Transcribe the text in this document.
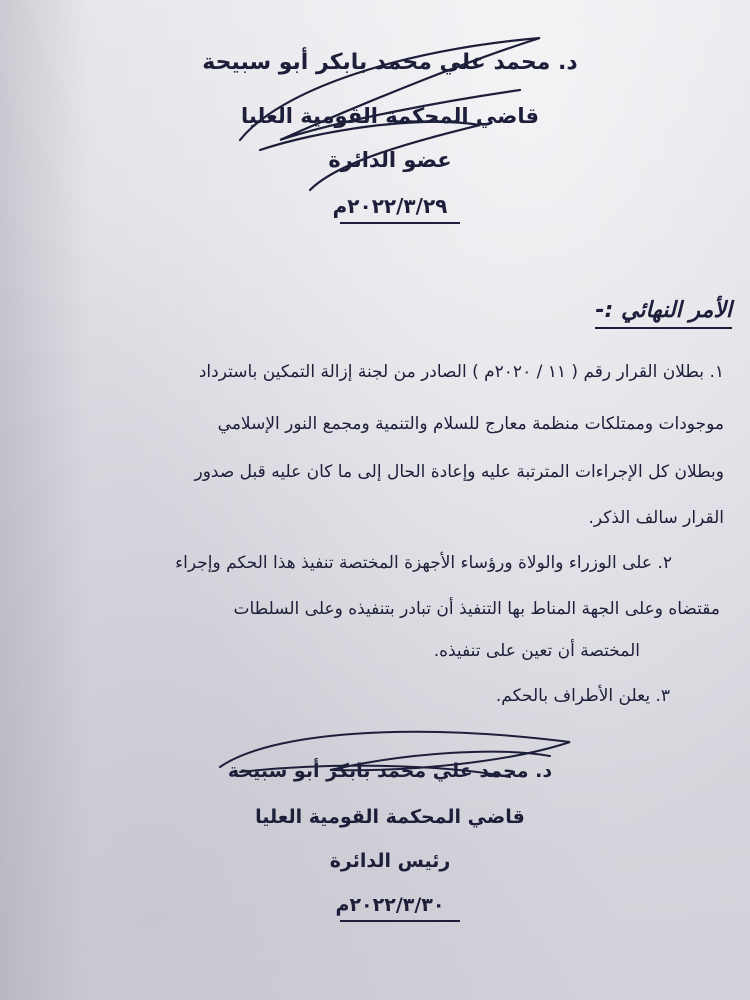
د. محمد علي محمد بابكر أبو سبيحة
قاضي المحكمة القومية العليا
عضو الدائرة
٢٠٢٢/٣/٢٩م
الأمر النهائي :-
١. بطلان القرار رقم ( ١١ / ٢٠٢٠م ) الصادر من لجنة إزالة التمكين باسترداد
موجودات وممتلكات منظمة معارج للسلام والتنمية ومجمع النور الإسلامي
وبطلان كل الإجراءات المترتبة عليه وإعادة الحال إلى ما كان عليه قبل صدور
القرار سالف الذكر.
٢. على الوزراء والولاة ورؤساء الأجهزة المختصة تنفيذ هذا الحكم وإجراء
مقتضاه وعلى الجهة المناط بها التنفيذ أن تبادر بتنفيذه وعلى السلطات
المختصة أن تعين على تنفيذه.
٣. يعلن الأطراف بالحكم.
د. محمد علي محمد بابكر أبو سبيحة
قاضي المحكمة القومية العليا
رئيس الدائرة
٢٠٢٢/٣/٣٠م
